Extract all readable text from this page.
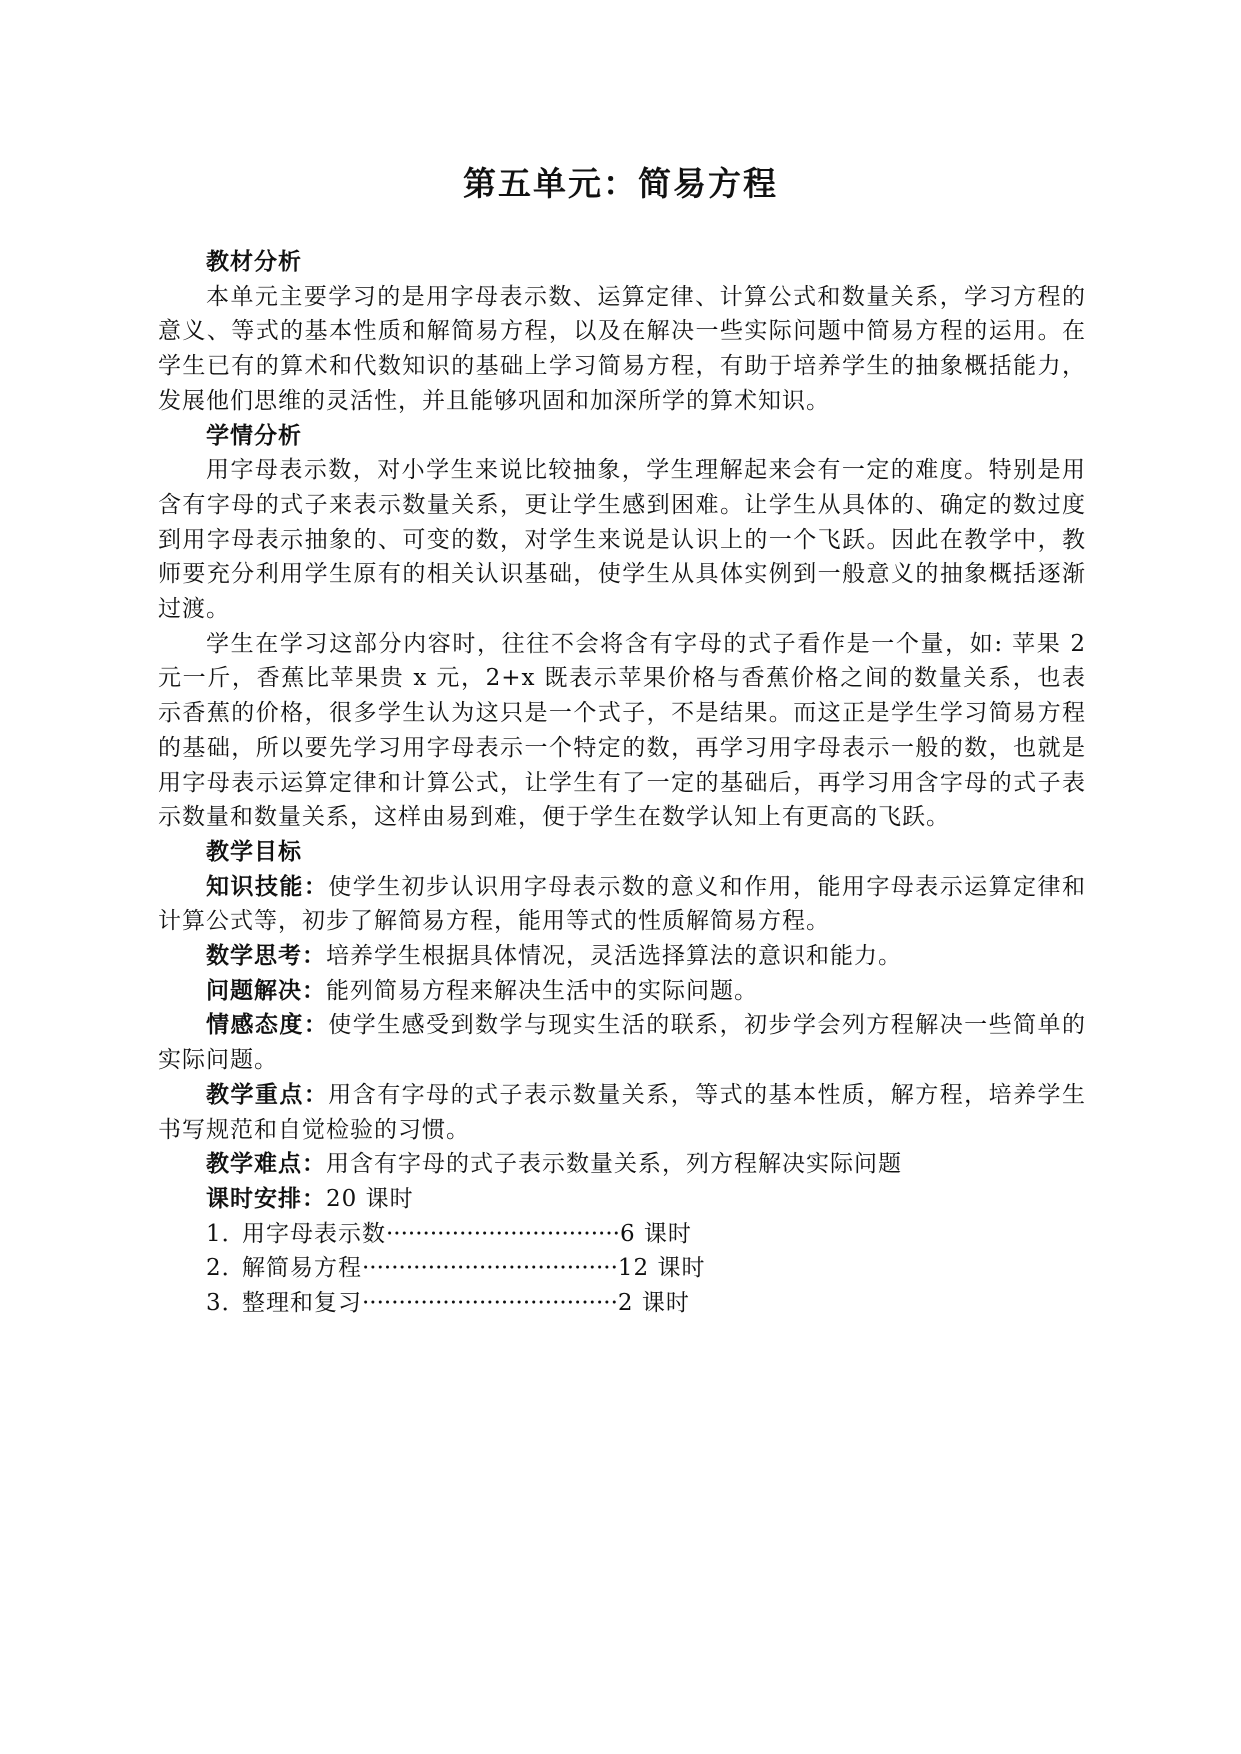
第五单元：简易方程
教材分析
本单元主要学习的是用字母表示数、运算定律、计算公式和数量关系，学习方程的意义、等式的基本性质和解简易方程，以及在解决一些实际问题中简易方程的运用。在学生已有的算术和代数知识的基础上学习简易方程，有助于培养学生的抽象概括能力，发展他们思维的灵活性，并且能够巩固和加深所学的算术知识。
学情分析
用字母表示数，对小学生来说比较抽象，学生理解起来会有一定的难度。特别是用含有字母的式子来表示数量关系，更让学生感到困难。让学生从具体的、确定的数过度到用字母表示抽象的、可变的数，对学生来说是认识上的一个飞跃。因此在教学中，教师要充分利用学生原有的相关认识基础，使学生从具体实例到一般意义的抽象概括逐渐过渡。
学生在学习这部分内容时，往往不会将含有字母的式子看作是一个量，如: 苹果 2 元一斤，香蕉比苹果贵 x 元，2+x 既表示苹果价格与香蕉价格之间的数量关系，也表示香蕉的价格，很多学生认为这只是一个式子，不是结果。而这正是学生学习简易方程的基础，所以要先学习用字母表示一个特定的数，再学习用字母表示一般的数，也就是用字母表示运算定律和计算公式，让学生有了一定的基础后，再学习用含字母的式子表示数量和数量关系，这样由易到难，便于学生在数学认知上有更高的飞跃。
教学目标
知识技能：使学生初步认识用字母表示数的意义和作用，能用字母表示运算定律和计算公式等，初步了解简易方程，能用等式的性质解简易方程。
数学思考：培养学生根据具体情况，灵活选择算法的意识和能力。
问题解决：能列简易方程来解决生活中的实际问题。
情感态度：使学生感受到数学与现实生活的联系，初步学会列方程解决一些简单的实际问题。
教学重点：用含有字母的式子表示数量关系，等式的基本性质，解方程，培养学生书写规范和自觉检验的习惯。
教学难点：用含有字母的式子表示数量关系，列方程解决实际问题
课时安排：20 课时
1．用字母表示数································6 课时
2．解简易方程···································12 课时
3．整理和复习···································2 课时
